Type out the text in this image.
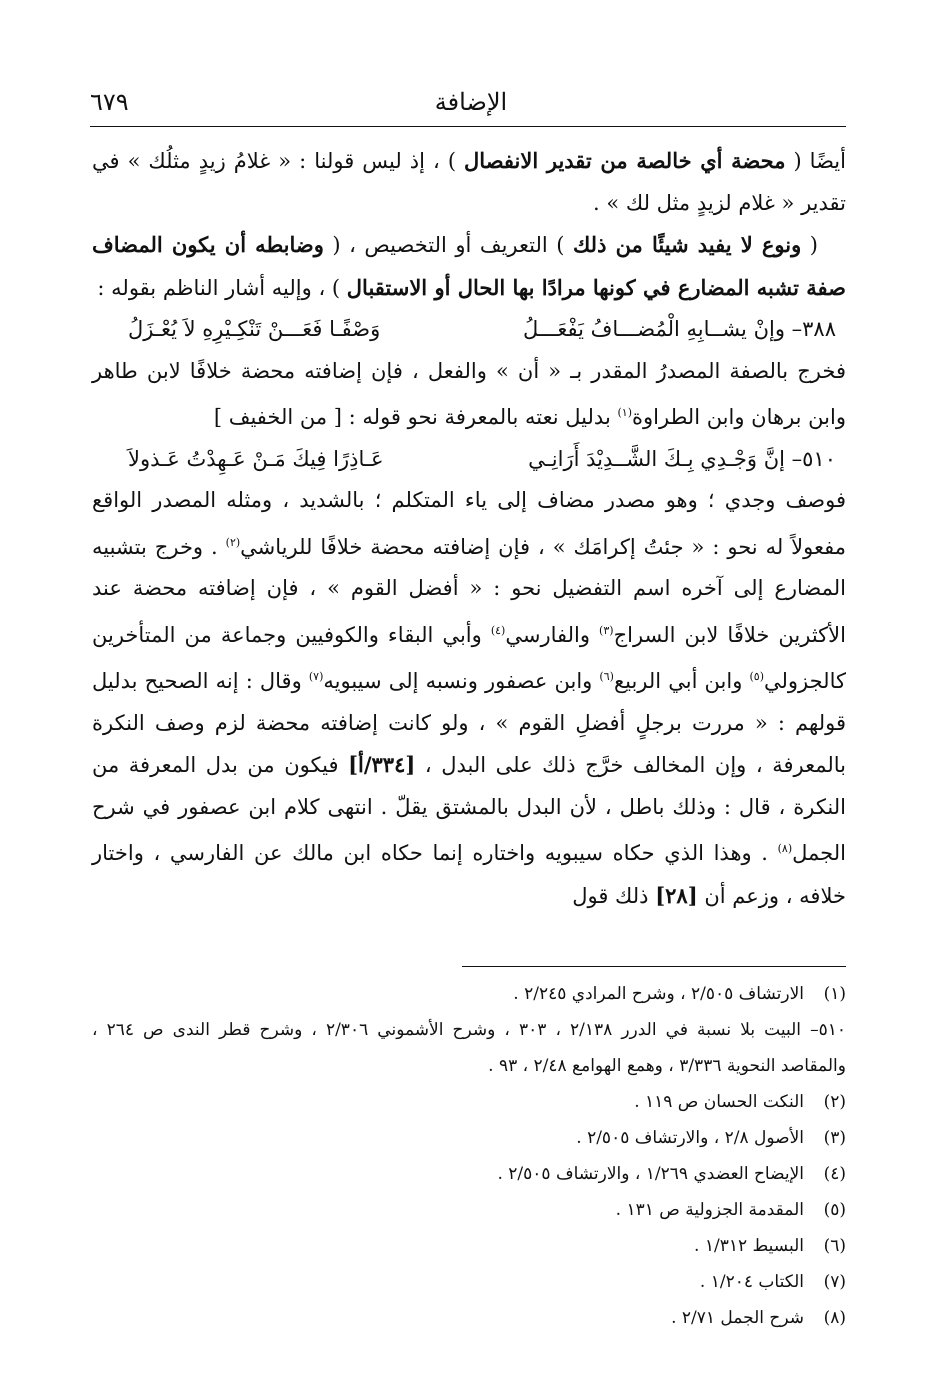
الإضافة
٦٧٩

أيضًا ( محضة أي خالصة من تقدير الانفصال ) ، إذ ليس قولنا : « غلامُ زيدٍ مثلُك » في تقدير « غلام لزيدٍ مثل لك » .

( ونوع لا يفيد شيئًا من ذلك ) التعريف أو التخصيص ، ( وضابطه أن يكون المضاف صفة تشبه المضارع في كونها مرادًا بها الحال أو الاستقبال ) ، وإليه أشار الناظم بقوله :

٣٨٨– وإنْ يشــابِهِ الْمُضـــافُ يَفْعَـــلُ
وَصْفًـا فَعَـــنْ تَنْكِـيْرِهِ لاَ يُعْـزَلُ

فخرج بالصفة المصدرُ المقدر بـ « أن » والفعل ، فإن إضافته محضة خلافًا لابن طاهر وابن برهان وابن الطراوة$^{(١)}$ بدليل نعته بالمعرفة نحو قوله : [ من الخفيف ]

٥١٠– إنَّ وَجْـدِي بِـكَ الشَّــدِيْدَ أَرَانِـي
عَـاذِرًا فِيكَ مَـنْ عَـهِدْتُ عَـذولاَ

فوصف وجدي ؛ وهو مصدر مضاف إلى ياء المتكلم ؛ بالشديد ، ومثله المصدر الواقع مفعولاً له نحو : « جئتُ إكرامَك » ، فإن إضافته محضة خلافًا للرياشي$^{(٢)}$ . وخرج بتشبيه المضارع إلى آخره اسم التفضيل نحو : « أفضل القوم » ، فإن إضافته محضة عند الأكثرين خلافًا لابن السراج$^{(٣)}$ والفارسي$^{(٤)}$ وأبي البقاء والكوفيين وجماعة من المتأخرين كالجزولي$^{(٥)}$ وابن أبي الربيع$^{(٦)}$ وابن عصفور ونسبه إلى سيبويه$^{(٧)}$ وقال : إنه الصحيح بدليل قولهم : « مررت برجلٍ أفضلِ القوم » ، ولو كانت إضافته محضة لزم وصف النكرة بالمعرفة ، وإن المخالف خرَّج ذلك على البدل ، [٣٣٤/أ] فيكون من بدل المعرفة من النكرة ، قال : وذلك باطل ، لأن البدل بالمشتق يقلّ . انتهى كلام ابن عصفور في شرح الجمل$^{(٨)}$ . وهذا الذي حكاه سيبويه واختاره إنما حكاه ابن مالك عن الفارسي ، واختار خلافه ، وزعم أن [٢٨] ذلك قول

(١)
الارتشاف ٢/٥٠٥ ، وشرح المرادي ٢/٢٤٥ .
٥١٠– البيت بلا نسبة في الدرر ٢/١٣٨ ، ٣٠٣ ، وشرح الأشموني ٢/٣٠٦ ، وشرح قطر الندى ص ٢٦٤ ، والمقاصد النحوية ٣/٣٣٦ ، وهمع الهوامع ٢/٤٨ ، ٩٣ .
(٢)
النكت الحسان ص ١١٩ .
(٣)
الأصول ٢/٨ ، والارتشاف ٢/٥٠٥ .
(٤)
الإيضاح العضدي ١/٢٦٩ ، والارتشاف ٢/٥٠٥ .
(٥)
المقدمة الجزولية ص ١٣١ .
(٦)
البسيط ١/٣١٢ .
(٧)
الكتاب ١/٢٠٤ .
(٨)
شرح الجمل ٢/٧١ .
